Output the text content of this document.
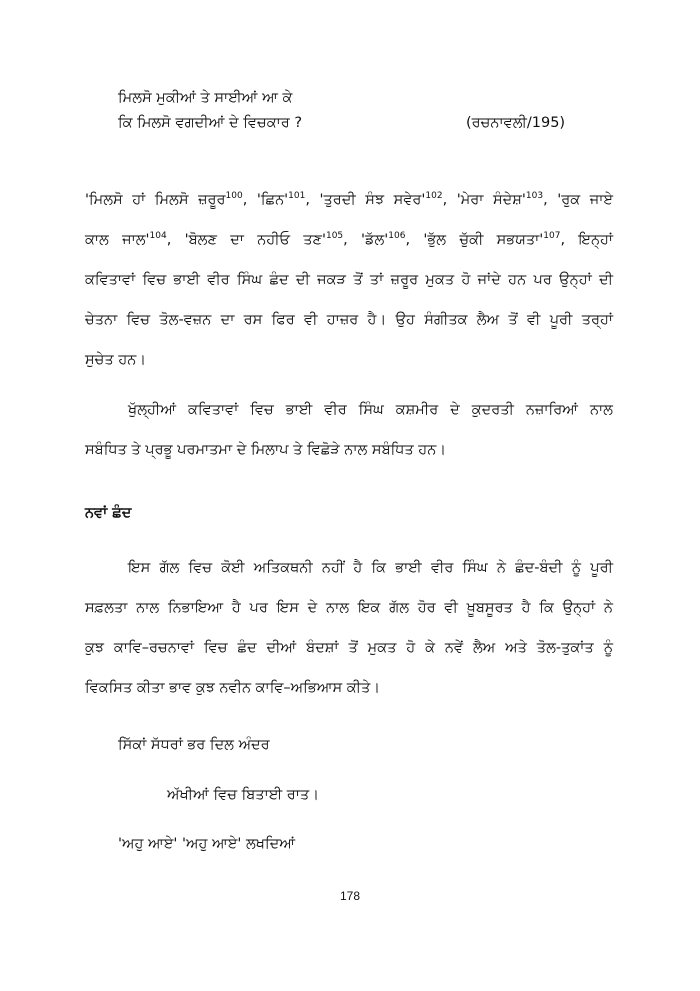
ਮਿਲਸੋ ਮੁਕੀਆਂ ਤੇ ਸਾਈਆਂ ਆ ਕੇ
ਕਿ ਮਿਲਸੋ ਵਗਦੀਆਂ ਦੇ ਵਿਚਕਾਰ ?	(ਰਚਨਾਵਲੀ/195)
'ਮਿਲਸੋ ਹਾਂ ਮਿਲਸੋ ਜ਼ਰੂਰ$^{100}$, '$ਛਿਨ'^{101}$, 'ਤੁਰਦੀ ਸੰਝ $ਸਵੇਰ'^{102}$, 'ਮੇਰਾ $ਸੰਦੇਸ਼'^{103}$, 'ਰੁਕ ਜਾਏ
ਕਾਲ $ਜਾਲ'^{104}$, 'ਬੋਲਣ ਦਾ ਨਹੀਓ $ਤਣ'^{105}$, '$ਡੱਲ'^{106}$, 'ਭੁੱਲ ਚੁੱਕੀ $ਸਭਯਤਾ'^{107}$, ਇਨ੍ਹਾਂ
ਕਵਿਤਾਵਾਂ ਵਿਚ ਭਾਈ ਵੀਰ ਸਿੰਘ ਛੰਦ ਦੀ ਜਕੜ ਤੋਂ ਤਾਂ ਜ਼ਰੂਰ ਮੁਕਤ ਹੋ ਜਾਂਦੇ ਹਨ ਪਰ ਉਨ੍ਹਾਂ ਦੀ
ਚੇਤਨਾ ਵਿਚ ਤੋਲ-ਵਜ਼ਨ ਦਾ ਰਸ ਫਿਰ ਵੀ ਹਾਜ਼ਰ ਹੈ। ਉਹ ਸੰਗੀਤਕ ਲੈਅ ਤੋਂ ਵੀ ਪੂਰੀ ਤਰ੍ਹਾਂ
ਸੁਚੇਤ ਹਨ।
ਖੁੱਲ੍ਹੀਆਂ ਕਵਿਤਾਵਾਂ ਵਿਚ ਭਾਈ ਵੀਰ ਸਿੰਘ ਕਸ਼ਮੀਰ ਦੇ ਕੁਦਰਤੀ ਨਜ਼ਾਰਿਆਂ ਨਾਲ
ਸਬੰਧਿਤ ਤੇ ਪ੍ਰਭੂ ਪਰਮਾਤਮਾ ਦੇ ਮਿਲਾਪ ਤੇ ਵਿਛੋੜੇ ਨਾਲ ਸਬੰਧਿਤ ਹਨ।
ਨਵਾਂ ਛੰਦ
ਇਸ ਗੱਲ ਵਿਚ ਕੋਈ ਅਤਿਕਥਨੀ ਨਹੀਂ ਹੈ ਕਿ ਭਾਈ ਵੀਰ ਸਿੰਘ ਨੇ ਛੰਦ-ਬੰਦੀ ਨੂੰ ਪੂਰੀ
ਸਫ਼ਲਤਾ ਨਾਲ ਨਿਭਾਇਆ ਹੈ ਪਰ ਇਸ ਦੇ ਨਾਲ ਇਕ ਗੱਲ ਹੋਰ ਵੀ ਖ਼ੂਬਸੂਰਤ ਹੈ ਕਿ ਉਨ੍ਹਾਂ ਨੇ
ਕੁਝ ਕਾਵਿ–ਰਚਨਾਵਾਂ ਵਿਚ ਛੰਦ ਦੀਆਂ ਬੰਦਸ਼ਾਂ ਤੋਂ ਮੁਕਤ ਹੋ ਕੇ ਨਵੇਂ ਲੈਅ ਅਤੇ ਤੋਲ-ਤੁਕਾਂਤ ਨੂੰ
ਵਿਕਸਿਤ ਕੀਤਾ ਭਾਵ ਕੁਝ ਨਵੀਨ ਕਾਵਿ–ਅਭਿਆਸ ਕੀਤੇ।
ਸਿੱਕਾਂ ਸੱਧਰਾਂ ਭਰ ਦਿਲ ਅੰਦਰ
ਅੱਖੀਆਂ ਵਿਚ ਬਿਤਾਈ ਰਾਤ।
'ਅਹੁ ਆਏ' 'ਅਹੁ ਆਏ' ਲਖਦਿਆਂ
178
